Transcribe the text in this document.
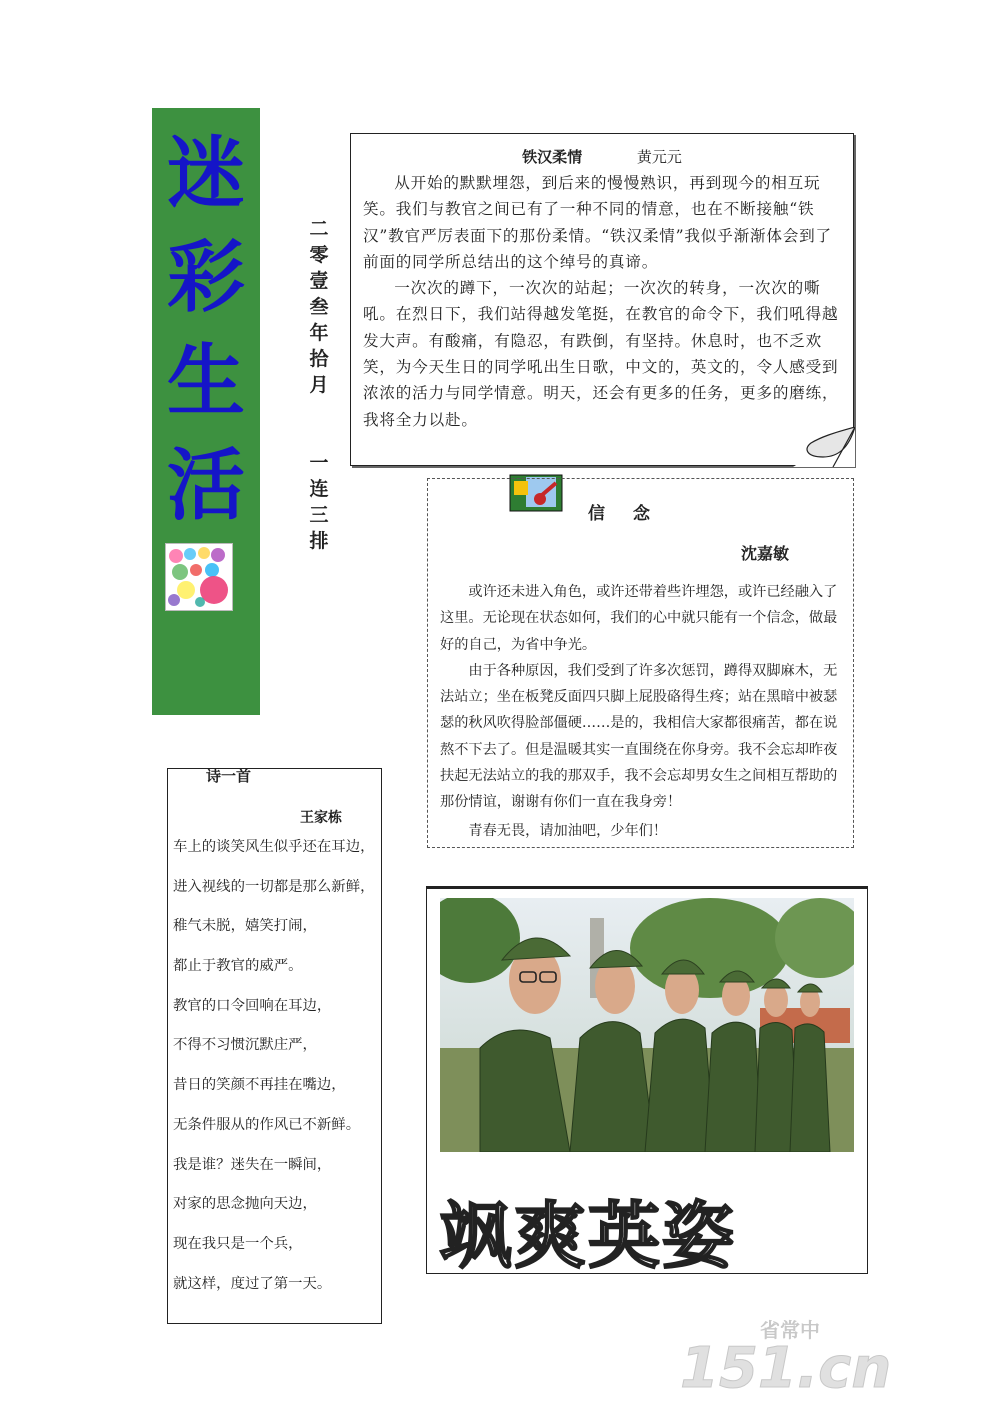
迷
彩
生
活
二
零
壹
叁
年
拾
月
一
连
三
排
铁汉柔情	黄元元

从开始的默默埋怨，到后来的慢慢熟识，再到现今的相互玩笑。我们与教官之间已有了一种不同的情意，也在不断接触“铁汉”教官严厉表面下的那份柔情。“铁汉柔情”我似乎渐渐体会到了前面的同学所总结出的这个绰号的真谛。

一次次的蹲下，一次次的站起；一次次的转身，一次次的嘶吼。在烈日下，我们站得越发笔挺，在教官的命令下，我们吼得越发大声。有酸痛，有隐忍，有跌倒，有坚持。休息时，也不乏欢笑，为今天生日的同学吼出生日歌，中文的，英文的，令人感受到浓浓的活力与同学情意。明天，还会有更多的任务，更多的磨练，我将全力以赴。

信念
沈嘉敏

或许还未进入角色，或许还带着些许埋怨，或许已经融入了这里。无论现在状态如何，我们的心中就只能有一个信念，做最好的自己，为省中争光。

由于各种原因，我们受到了许多次惩罚，蹲得双脚麻木，无法站立；坐在板凳反面四只脚上屁股硌得生疼；站在黑暗中被瑟瑟的秋风吹得脸部僵硬……是的，我相信大家都很痛苦，都在说熬不下去了。但是温暖其实一直围绕在你身旁。我不会忘却昨夜扶起无法站立的我的那双手，我不会忘却男女生之间相互帮助的那份情谊，谢谢有你们一直在我身旁！

青春无畏，请加油吧，少年们！

诗一首
王家栋
车上的谈笑风生似乎还在耳边，
进入视线的一切都是那么新鲜，
稚气未脱，嬉笑打闹，
都止于教官的威严。
教官的口令回响在耳边，
不得不习惯沉默庄严，
昔日的笑颜不再挂在嘴边，
无条件服从的作风已不新鲜。
我是谁？迷失在一瞬间，
对家的思念抛向天边，
现在我只是一个兵，
就这样，度过了第一天。
飒爽英姿
省常中
151.cn
